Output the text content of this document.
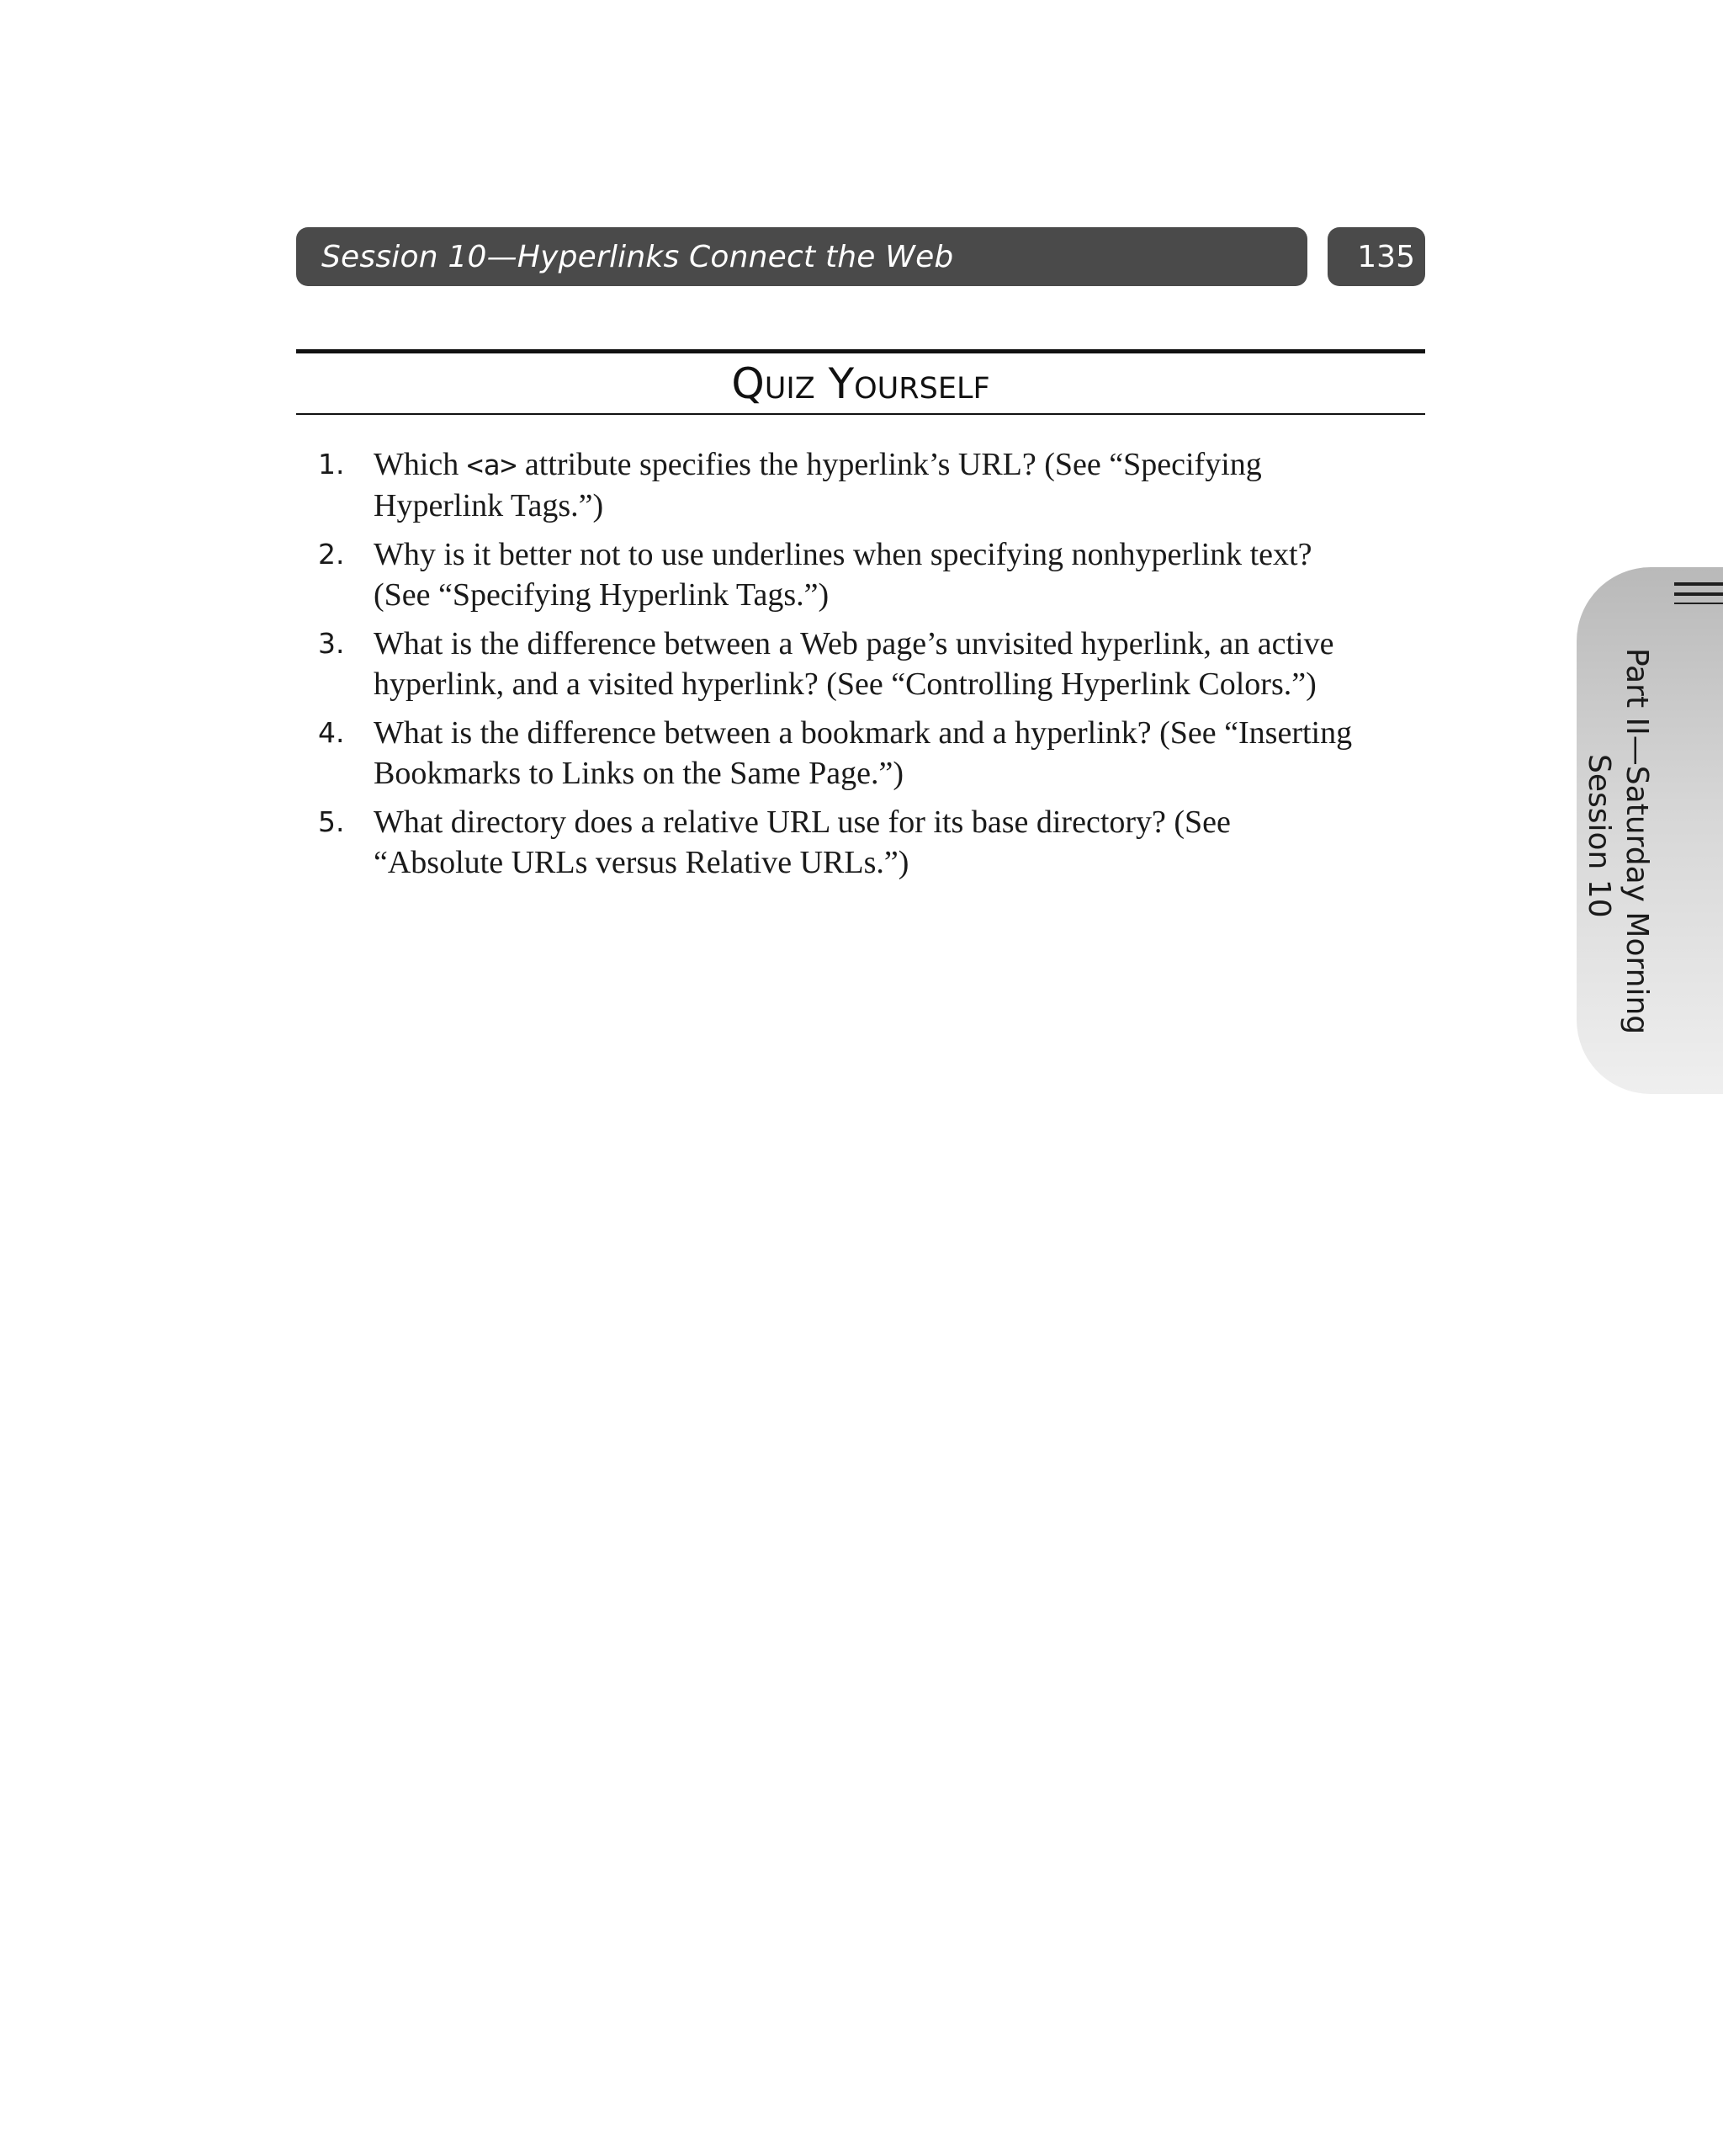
Session 10—Hyperlinks Connect the Web	135
Quiz Yourself
1. Which <a> attribute specifies the hyperlink’s URL? (See “Specifying Hyperlink Tags.”)
2. Why is it better not to use underlines when specifying nonhyperlink text? (See “Specifying Hyperlink Tags.”)
3. What is the difference between a Web page’s unvisited hyperlink, an active hyperlink, and a visited hyperlink? (See “Controlling Hyperlink Colors.”)
4. What is the difference between a bookmark and a hyperlink? (See “Inserting Bookmarks to Links on the Same Page.”)
5. What directory does a relative URL use for its base directory? (See “Absolute URLs versus Relative URLs.”)	Part II—Saturday Morning
Session 10
